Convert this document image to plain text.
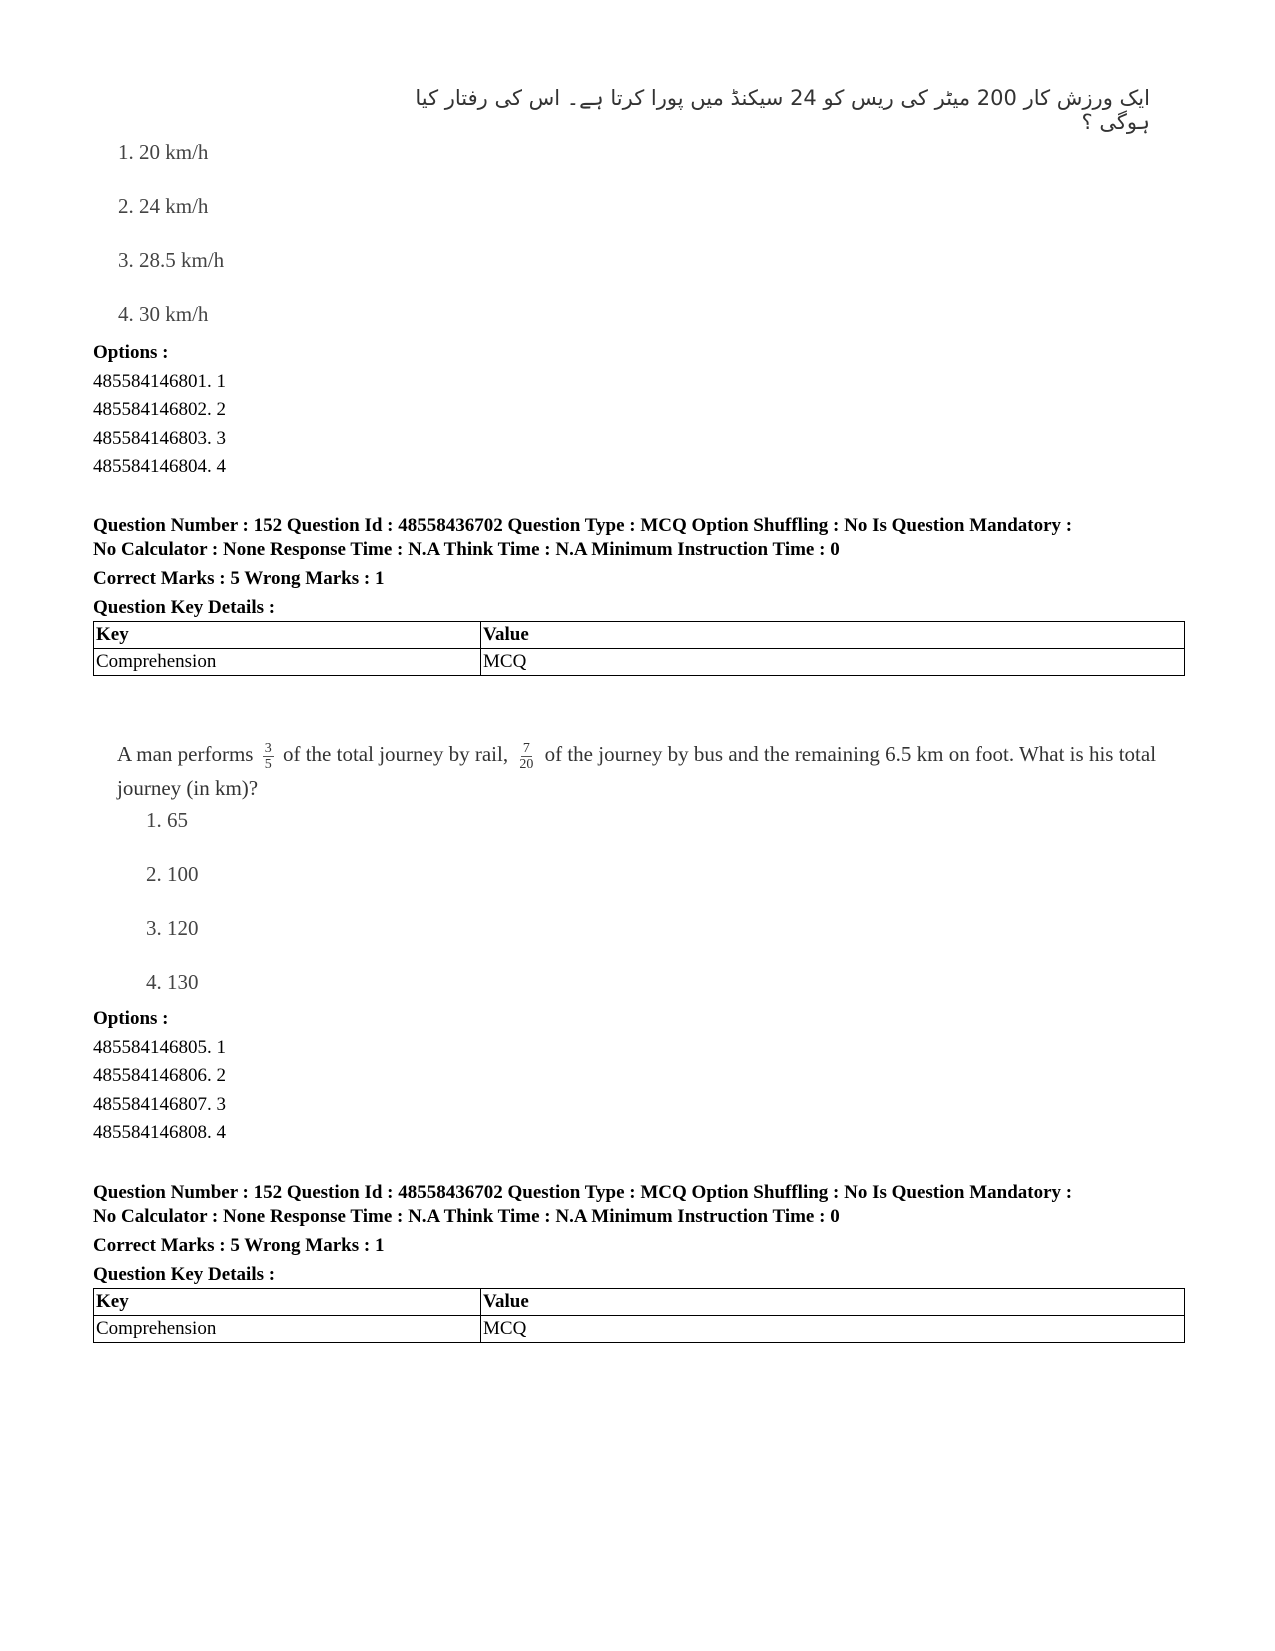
ایک ورزش کار 200 میٹر کی ریس کو 24 سیکنڈ میں پورا کرتا ہے۔ اس کی رفتار کیا ہوگی ؟
1. 20 km/h
2. 24 km/h
3. 28.5 km/h
4. 30 km/h
Options :
485584146801. 1
485584146802. 2
485584146803. 3
485584146804. 4
Question Number : 152 Question Id : 48558436702 Question Type : MCQ Option Shuffling : No Is Question Mandatory :
No Calculator : None Response Time : N.A Think Time : N.A Minimum Instruction Time : 0
Correct Marks : 5 Wrong Marks : 1
Question Key Details :
Key	Value
Comprehension	MCQ
A man performs $\frac{3}{5}$ of the total journey by rail, $\frac{7}{20}$ of the journey by bus and the remaining 6.5 km on foot. What is his total journey (in km)?
1. 65
2. 100
3. 120
4. 130
Options :
485584146805. 1
485584146806. 2
485584146807. 3
485584146808. 4
Question Number : 152 Question Id : 48558436702 Question Type : MCQ Option Shuffling : No Is Question Mandatory :
No Calculator : None Response Time : N.A Think Time : N.A Minimum Instruction Time : 0
Correct Marks : 5 Wrong Marks : 1
Question Key Details :
Key	Value
Comprehension	MCQ
